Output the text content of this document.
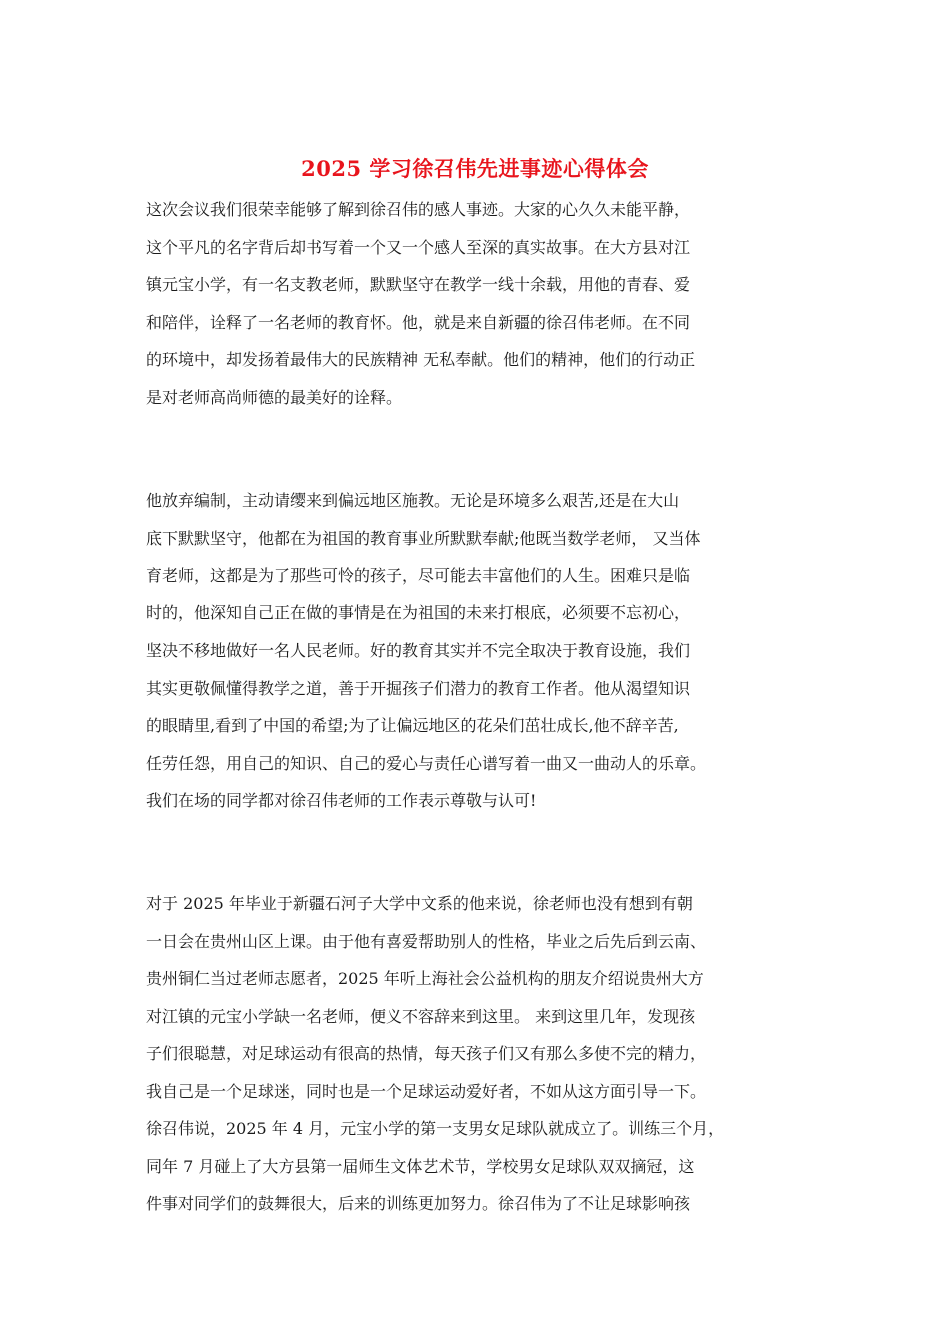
2025 学习徐召伟先进事迹心得体会
这次会议我们很荣幸能够了解到徐召伟的感人事迹。大家的心久久未能平静，
这个平凡的名字背后却书写着一个又一个感人至深的真实故事。在大方县对江
镇元宝小学，有一名支教老师，默默坚守在教学一线十余载，用他的青春、爱
和陪伴，诠释了一名老师的教育怀。他，就是来自新疆的徐召伟老师。在不同
的环境中，却发扬着最伟大的民族精神 无私奉献。他们的精神，他们的行动正
是对老师高尚师德的最美好的诠释。
他放弃编制，主动请缨来到偏远地区施教。无论是环境多么艰苦,还是在大山
底下默默坚守，他都在为祖国的教育事业所默默奉献;他既当数学老师， 又当体
育老师，这都是为了那些可怜的孩子，尽可能去丰富他们的人生。困难只是临
时的，他深知自己正在做的事情是在为祖国的未来打根底，必须要不忘初心，
坚决不移地做好一名人民老师。好的教育其实并不完全取决于教育设施，我们
其实更敬佩懂得教学之道，善于开掘孩子们潜力的教育工作者。他从渴望知识
的眼睛里,看到了中国的希望;为了让偏远地区的花朵们茁壮成长,他不辞辛苦,
任劳任怨，用自己的知识、自己的爱心与责任心谱写着一曲又一曲动人的乐章。
我们在场的同学都对徐召伟老师的工作表示尊敬与认可!
对于 2025 年毕业于新疆石河子大学中文系的他来说，徐老师也没有想到有朝
一日会在贵州山区上课。由于他有喜爱帮助别人的性格，毕业之后先后到云南、
贵州铜仁当过老师志愿者，2025 年听上海社会公益机构的朋友介绍说贵州大方
对江镇的元宝小学缺一名老师，便义不容辞来到这里。 来到这里几年，发现孩
子们很聪慧，对足球运动有很高的热情，每天孩子们又有那么多使不完的精力，
我自己是一个足球迷，同时也是一个足球运动爱好者，不如从这方面引导一下。
徐召伟说，2025 年 4 月，元宝小学的第一支男女足球队就成立了。训练三个月，
同年 7 月碰上了大方县第一届师生文体艺术节，学校男女足球队双双摘冠，这
件事对同学们的鼓舞很大，后来的训练更加努力。徐召伟为了不让足球影响孩
